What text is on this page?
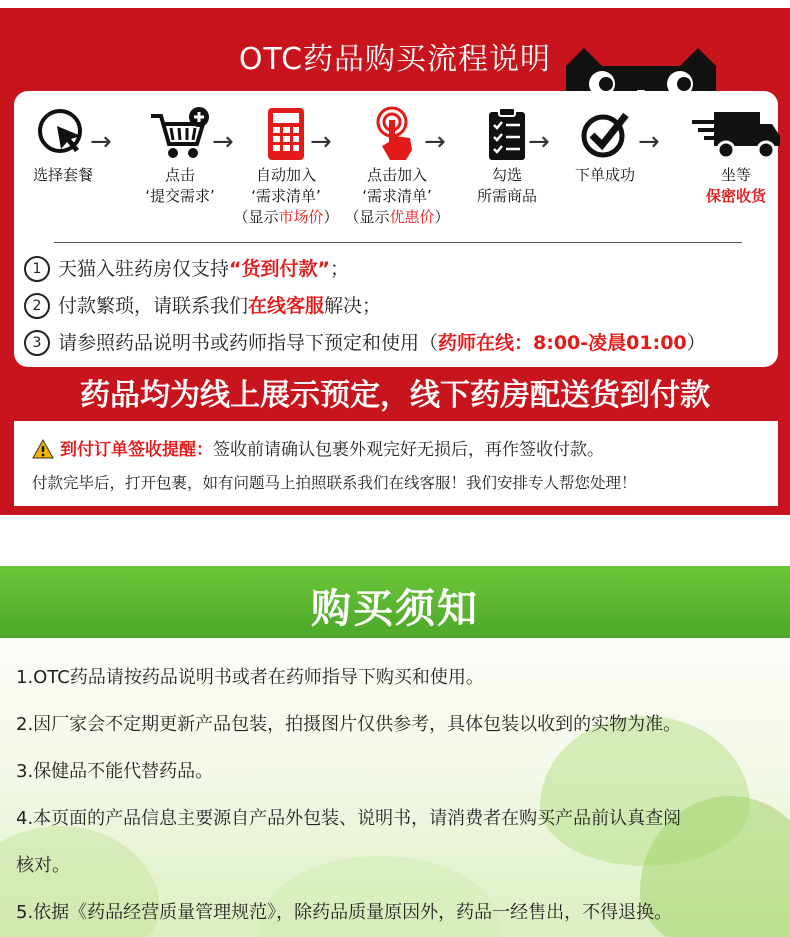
OTC药品购买流程说明
选择套餐
→
点击
‘提交需求’
→
自动加入
‘需求清单’
（显示市场价）
→
点击加入
‘需求清单’
（显示优惠价）
→
勾选
所需商品
→
下单成功
→
坐等
保密收货
1 天猫入驻药房仅支持“货到付款”；
2 付款繁琐，请联系我们在线客服解决；
3 请参照药品说明书或药师指导下预定和使用（药师在线：8:00-凌晨01:00）
药品均为线上展示预定，线下药房配送货到付款
到付订单签收提醒：签收前请确认包裹外观完好无损后，再作签收付款。
付款完毕后，打开包裹，如有问题马上拍照联系我们在线客服！我们安排专人帮您处理！
购买须知
1.OTC药品请按药品说明书或者在药师指导下购买和使用。
2.因厂家会不定期更新产品包装，拍摄图片仅供参考，具体包装以收到的实物为准。
3.保健品不能代替药品。
4.本页面的产品信息主要源自产品外包装、说明书，请消费者在购买产品前认真查阅
核对。
5.依据《药品经营质量管理规范》，除药品质量原因外，药品一经售出，不得退换。
